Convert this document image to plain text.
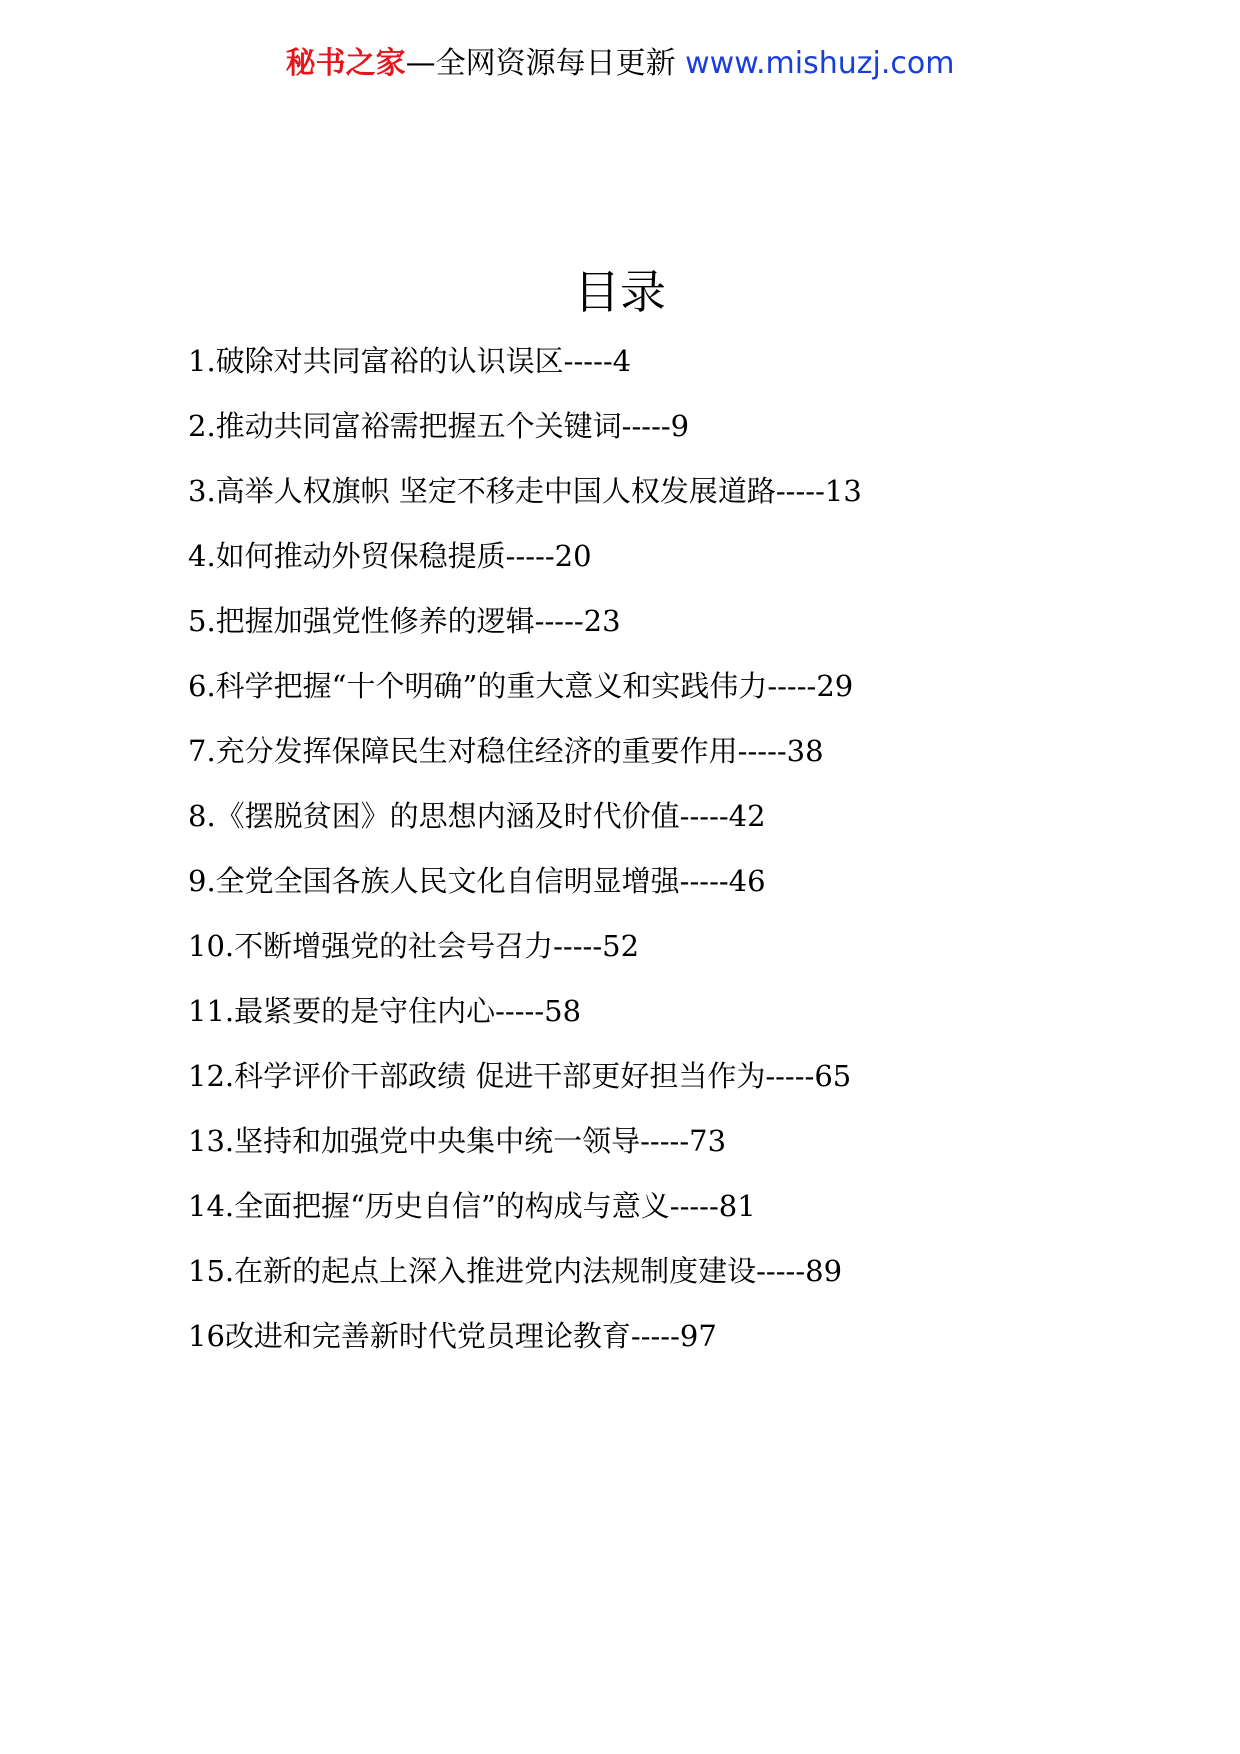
秘书之家—全网资源每日更新 www.mishuzj.com
目录
1.破除对共同富裕的认识误区-----4
2.推动共同富裕需把握五个关键词-----9
3.高举人权旗帜 坚定不移走中国人权发展道路-----13
4.如何推动外贸保稳提质-----20
5.把握加强党性修养的逻辑-----23
6.科学把握“十个明确”的重大意义和实践伟力-----29
7.充分发挥保障民生对稳住经济的重要作用-----38
8.《摆脱贫困》的思想内涵及时代价值-----42
9.全党全国各族人民文化自信明显增强-----46
10.不断增强党的社会号召力-----52
11.最紧要的是守住内心-----58
12.科学评价干部政绩 促进干部更好担当作为-----65
13.坚持和加强党中央集中统一领导-----73
14.全面把握“历史自信”的构成与意义-----81
15.在新的起点上深入推进党内法规制度建设-----89
16改进和完善新时代党员理论教育-----97
